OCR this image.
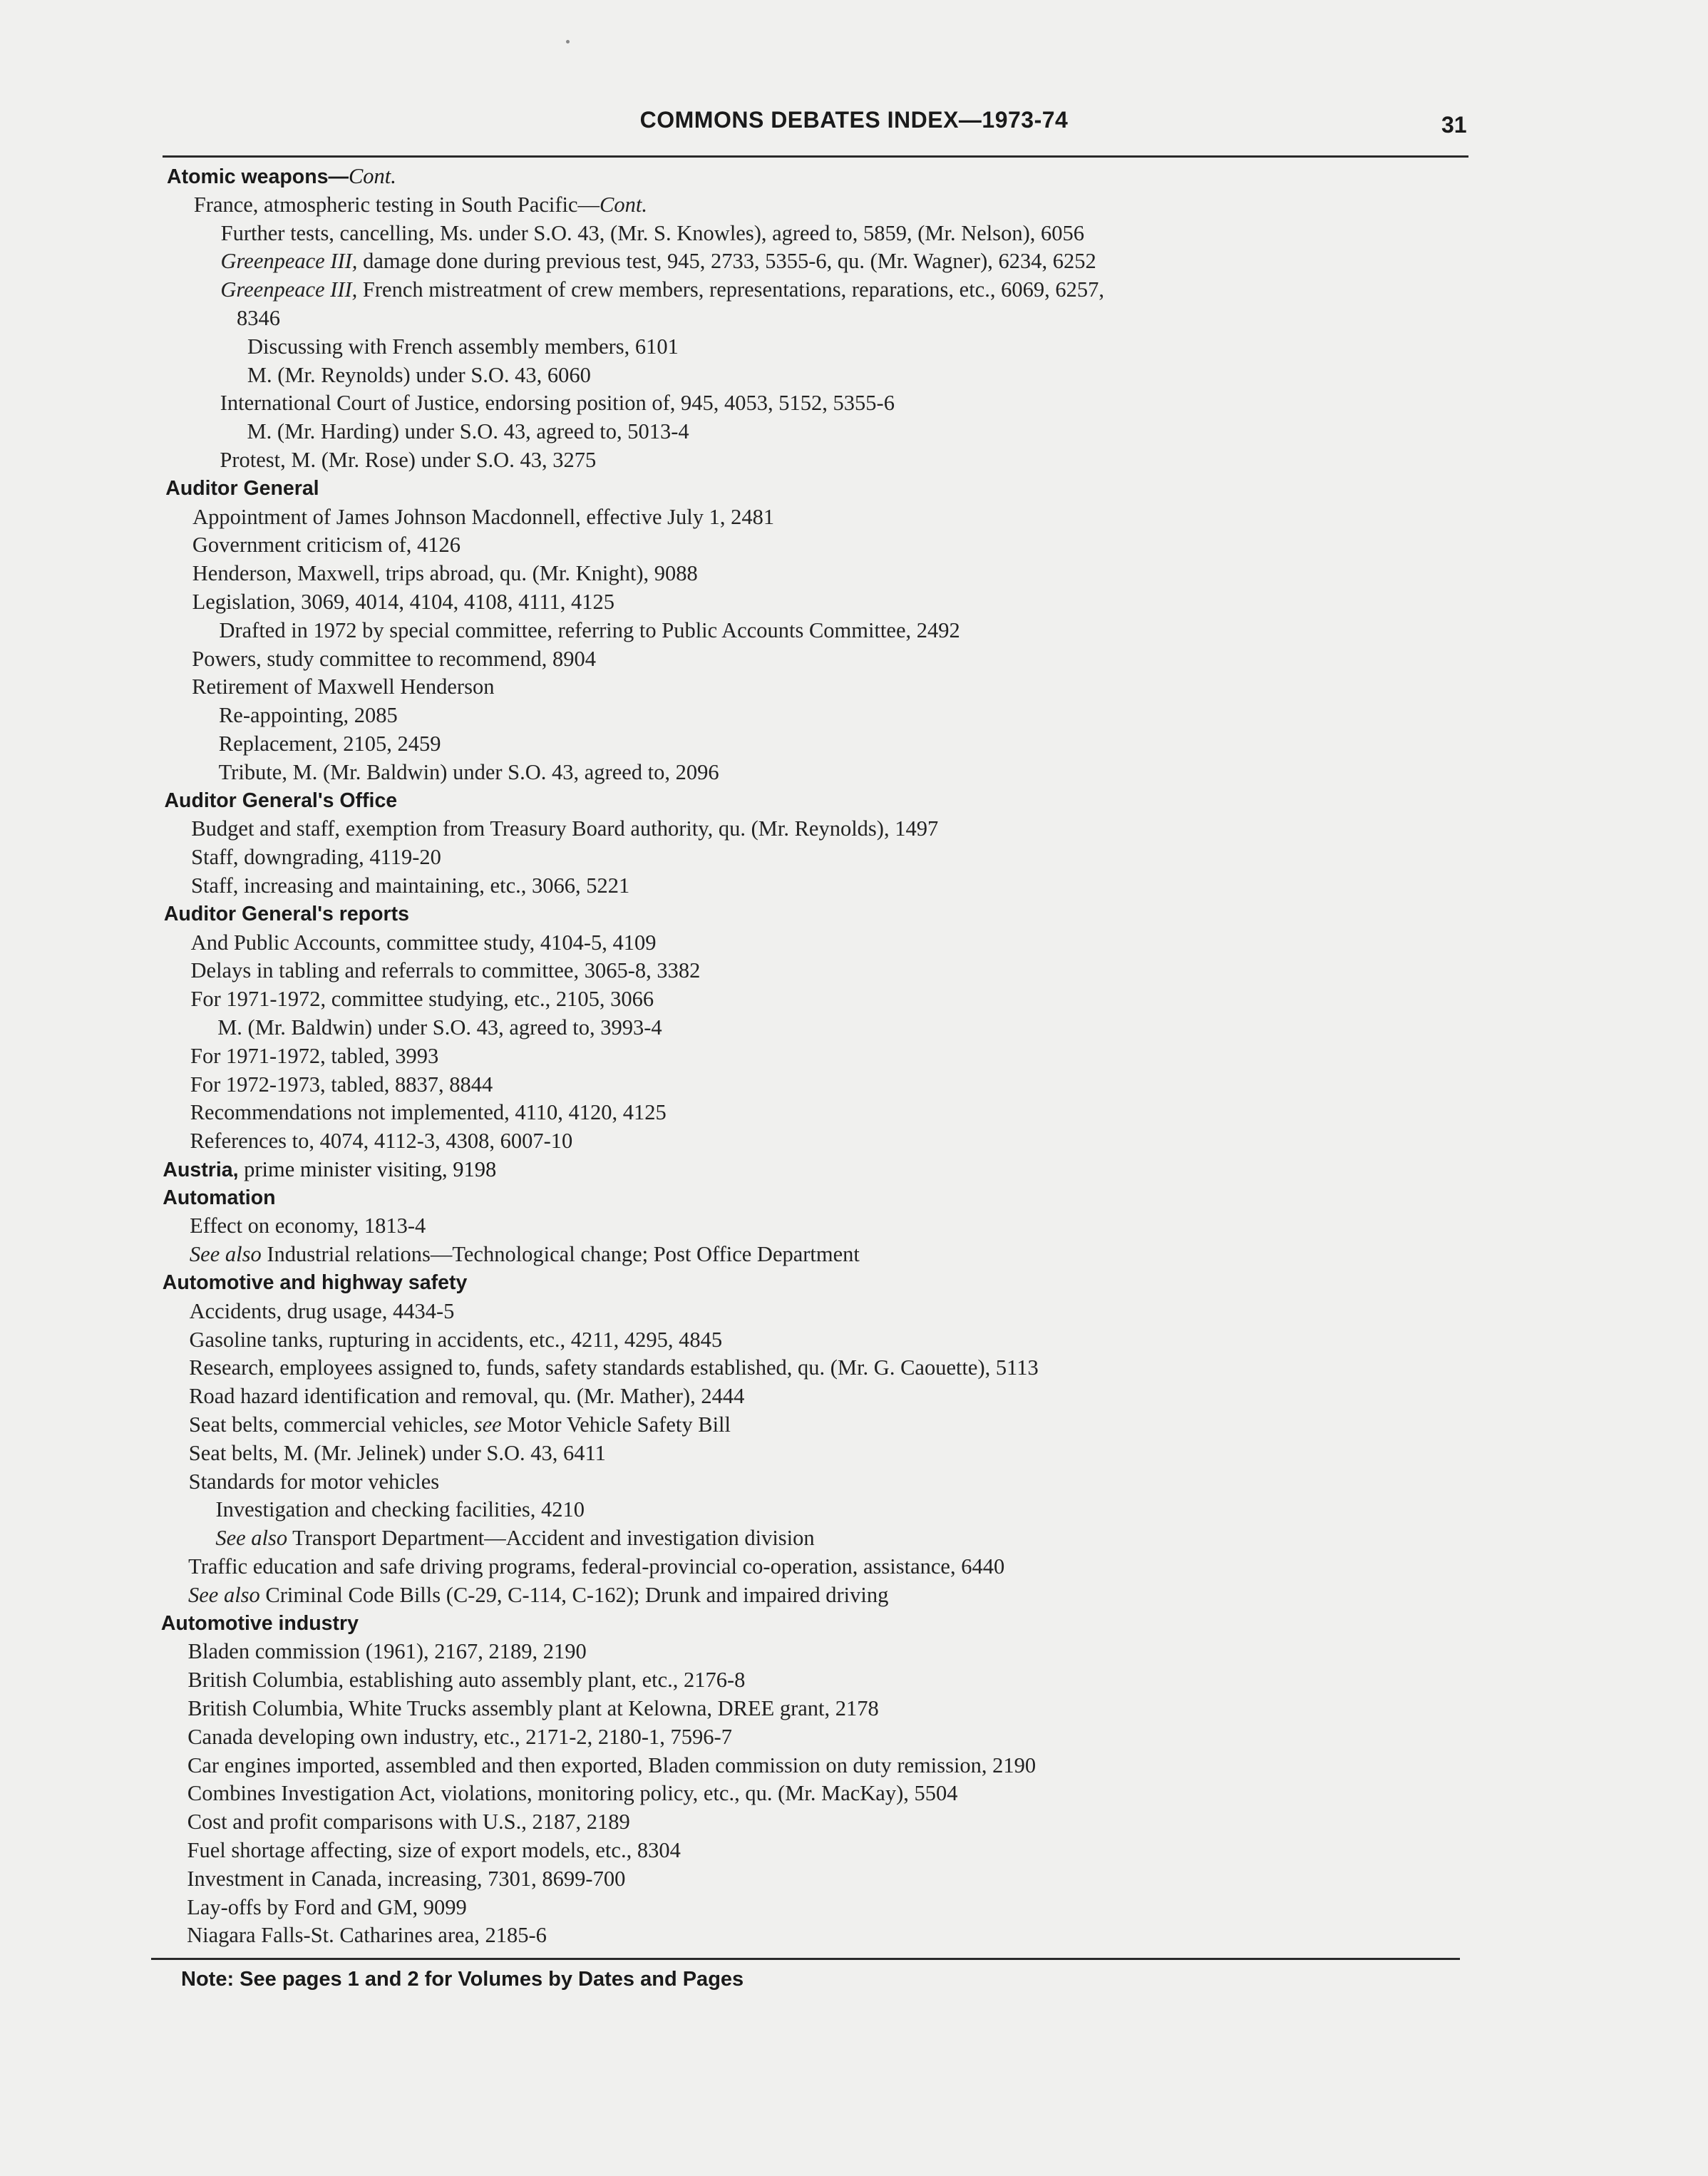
COMMONS DEBATES INDEX—1973-74	31
Atomic weapons—Cont.
France, atmospheric testing in South Pacific—Cont.
Further tests, cancelling, Ms. under S.O. 43, (Mr. S. Knowles), agreed to, 5859, (Mr. Nelson), 6056
Greenpeace III, damage done during previous test, 945, 2733, 5355-6, qu. (Mr. Wagner), 6234, 6252
Greenpeace III, French mistreatment of crew members, representations, reparations, etc., 6069, 6257,
8346
Discussing with French assembly members, 6101
M. (Mr. Reynolds) under S.O. 43, 6060
International Court of Justice, endorsing position of, 945, 4053, 5152, 5355-6
M. (Mr. Harding) under S.O. 43, agreed to, 5013-4
Protest, M. (Mr. Rose) under S.O. 43, 3275
Auditor General
Appointment of James Johnson Macdonnell, effective July 1, 2481
Government criticism of, 4126
Henderson, Maxwell, trips abroad, qu. (Mr. Knight), 9088
Legislation, 3069, 4014, 4104, 4108, 4111, 4125
Drafted in 1972 by special committee, referring to Public Accounts Committee, 2492
Powers, study committee to recommend, 8904
Retirement of Maxwell Henderson
Re-appointing, 2085
Replacement, 2105, 2459
Tribute, M. (Mr. Baldwin) under S.O. 43, agreed to, 2096
Auditor General's Office
Budget and staff, exemption from Treasury Board authority, qu. (Mr. Reynolds), 1497
Staff, downgrading, 4119-20
Staff, increasing and maintaining, etc., 3066, 5221
Auditor General's reports
And Public Accounts, committee study, 4104-5, 4109
Delays in tabling and referrals to committee, 3065-8, 3382
For 1971-1972, committee studying, etc., 2105, 3066
M. (Mr. Baldwin) under S.O. 43, agreed to, 3993-4
For 1971-1972, tabled, 3993
For 1972-1973, tabled, 8837, 8844
Recommendations not implemented, 4110, 4120, 4125
References to, 4074, 4112-3, 4308, 6007-10
Austria, prime minister visiting, 9198
Automation
Effect on economy, 1813-4
See also Industrial relations—Technological change; Post Office Department
Automotive and highway safety
Accidents, drug usage, 4434-5
Gasoline tanks, rupturing in accidents, etc., 4211, 4295, 4845
Research, employees assigned to, funds, safety standards established, qu. (Mr. G. Caouette), 5113
Road hazard identification and removal, qu. (Mr. Mather), 2444
Seat belts, commercial vehicles, see Motor Vehicle Safety Bill
Seat belts, M. (Mr. Jelinek) under S.O. 43, 6411
Standards for motor vehicles
Investigation and checking facilities, 4210
See also Transport Department—Accident and investigation division
Traffic education and safe driving programs, federal-provincial co-operation, assistance, 6440
See also Criminal Code Bills (C-29, C-114, C-162); Drunk and impaired driving
Automotive industry
Bladen commission (1961), 2167, 2189, 2190
British Columbia, establishing auto assembly plant, etc., 2176-8
British Columbia, White Trucks assembly plant at Kelowna, DREE grant, 2178
Canada developing own industry, etc., 2171-2, 2180-1, 7596-7
Car engines imported, assembled and then exported, Bladen commission on duty remission, 2190
Combines Investigation Act, violations, monitoring policy, etc., qu. (Mr. MacKay), 5504
Cost and profit comparisons with U.S., 2187, 2189
Fuel shortage affecting, size of export models, etc., 8304
Investment in Canada, increasing, 7301, 8699-700
Lay-offs by Ford and GM, 9099
Niagara Falls-St. Catharines area, 2185-6
Note: See pages 1 and 2 for Volumes by Dates and Pages
